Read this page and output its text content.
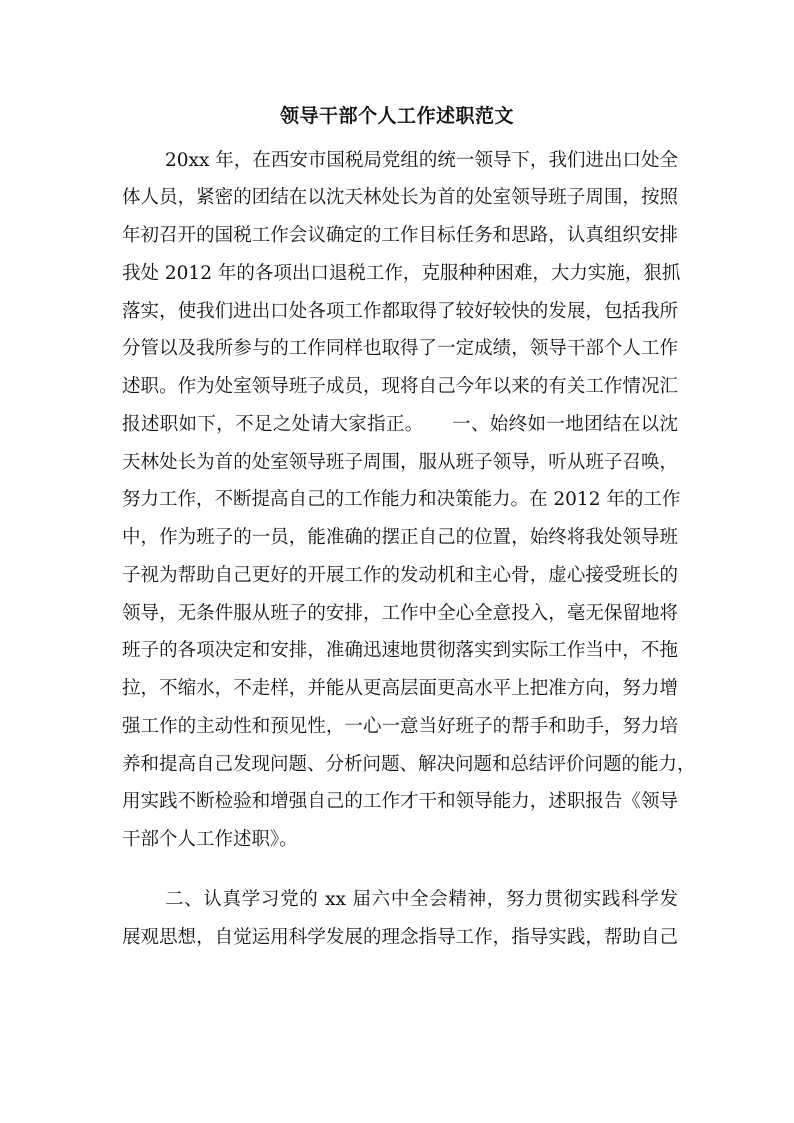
领导干部个人工作述职范文
20xx 年，在西安市国税局党组的统一领导下，我们进出口处全
体人员，紧密的团结在以沈天林处长为首的处室领导班子周围，按照
年初召开的国税工作会议确定的工作目标任务和思路，认真组织安排
我处 2012 年的各项出口退税工作，克服种种困难，大力实施，狠抓
落实，使我们进出口处各项工作都取得了较好较快的发展，包括我所
分管以及我所参与的工作同样也取得了一定成绩，领导干部个人工作
述职。作为处室领导班子成员，现将自己今年以来的有关工作情况汇
报述职如下，不足之处请大家指正。　　一、始终如一地团结在以沈
天林处长为首的处室领导班子周围，服从班子领导，听从班子召唤，
努力工作，不断提高自己的工作能力和决策能力。在 2012 年的工作
中，作为班子的一员，能准确的摆正自己的位置，始终将我处领导班
子视为帮助自己更好的开展工作的发动机和主心骨，虚心接受班长的
领导，无条件服从班子的安排，工作中全心全意投入，毫无保留地将
班子的各项决定和安排，准确迅速地贯彻落实到实际工作当中，不拖
拉，不缩水，不走样，并能从更高层面更高水平上把准方向，努力增
强工作的主动性和预见性，一心一意当好班子的帮手和助手，努力培
养和提高自己发现问题、分析问题、解决问题和总结评价问题的能力，
用实践不断检验和增强自己的工作才干和领导能力，述职报告《领导
干部个人工作述职》。
二、认真学习党的 xx 届六中全会精神，努力贯彻实践科学发
展观思想，自觉运用科学发展的理念指导工作，指导实践，帮助自己
